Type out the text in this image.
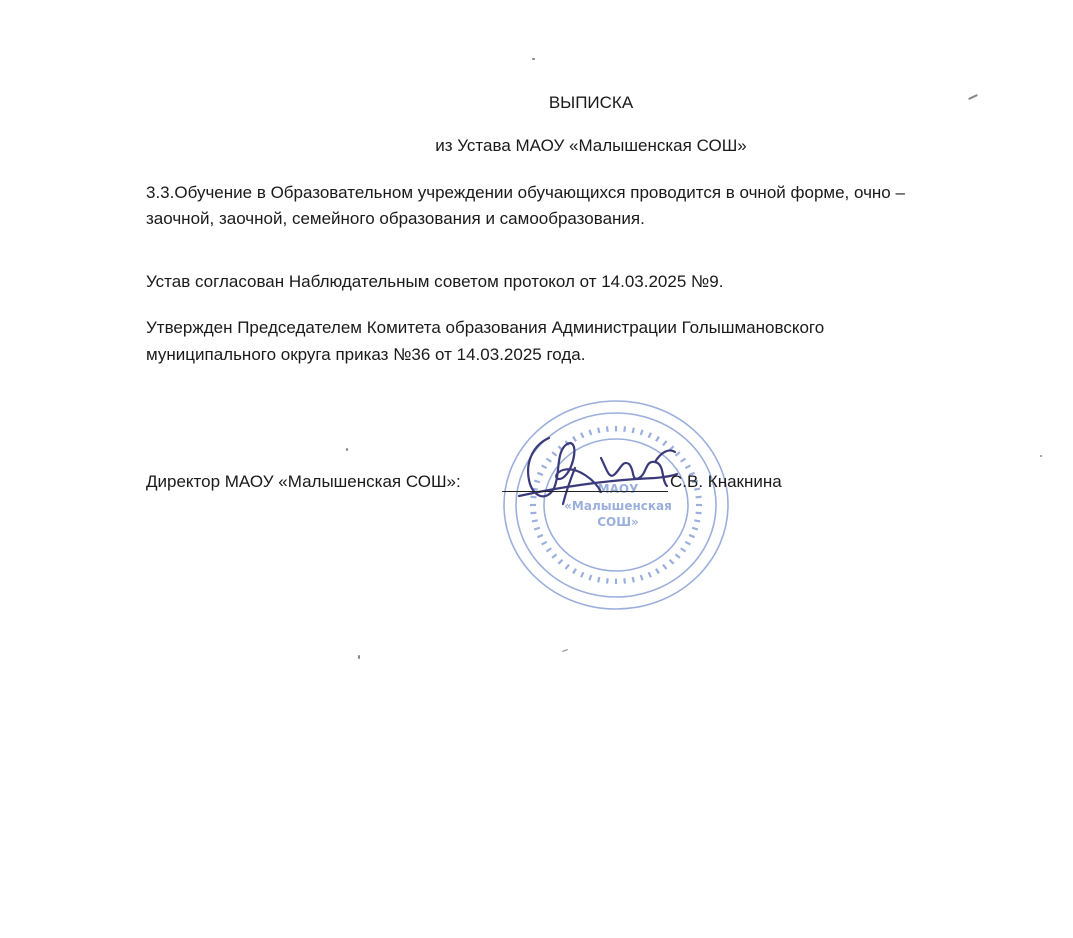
ВЫПИСКА
из Устава МАОУ «Малышенская СОШ»
3.3.Обучение в Образовательном учреждении обучающихся проводится в очной форме, очно –
заочной, заочной, семейного образования и самообразования.
Устав согласован Наблюдательным советом протокол от 14.03.2025 №9.
Утвержден Председателем Комитета образования Администрации Голышмановского
муниципального округа приказ №36 от 14.03.2025 года.
МАОУ
«Малышенская
СОШ»
Директор МАОУ «Малышенская СОШ»:	С.В. Кнакнина
